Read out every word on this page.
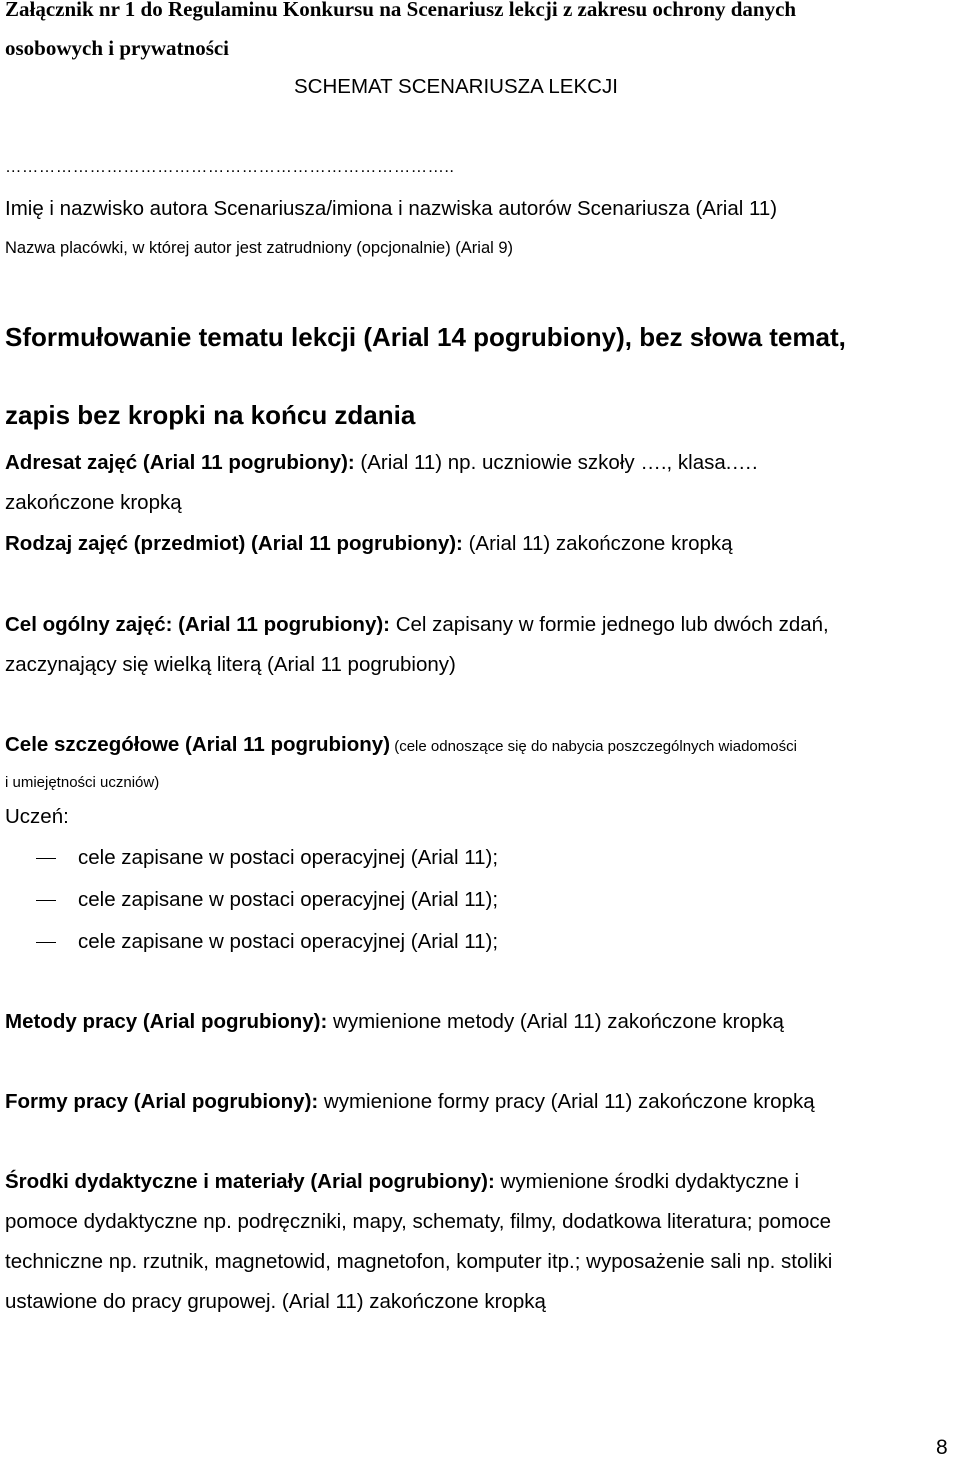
Załącznik nr 1 do Regulaminu Konkursu na Scenariusz lekcji z zakresu ochrony danych
osobowych i prywatności
SCHEMAT SCENARIUSZA LEKCJI
……………………………………………………………………..
Imię i nazwisko autora Scenariusza/imiona i nazwiska autorów Scenariusza (Arial 11)
Nazwa placówki, w której autor jest zatrudniony (opcjonalnie) (Arial 9)
Sformułowanie tematu lekcji (Arial 14 pogrubiony), bez słowa temat,
zapis bez kropki na końcu zdania
Adresat zajęć (Arial 11 pogrubiony): (Arial 11) np. uczniowie szkoły …., klasa.….
zakończone kropką
Rodzaj zajęć (przedmiot) (Arial 11 pogrubiony): (Arial 11) zakończone kropką
Cel ogólny zajęć: (Arial 11 pogrubiony): Cel zapisany w formie jednego lub dwóch zdań,
zaczynający się wielką literą (Arial 11 pogrubiony)
Cele szczegółowe (Arial 11 pogrubiony) (cele odnoszące się do nabycia poszczególnych wiadomości
i umiejętności uczniów)
Uczeń:
cele zapisane w postaci operacyjnej (Arial 11);
cele zapisane w postaci operacyjnej (Arial 11);
cele zapisane w postaci operacyjnej (Arial 11);
Metody pracy (Arial pogrubiony): wymienione metody (Arial 11) zakończone kropką
Formy pracy (Arial pogrubiony): wymienione formy pracy (Arial 11) zakończone kropką
Środki dydaktyczne i materiały (Arial pogrubiony): wymienione środki dydaktyczne i
pomoce dydaktyczne np. podręczniki, mapy, schematy, filmy, dodatkowa literatura; pomoce
techniczne np. rzutnik, magnetowid, magnetofon, komputer itp.; wyposażenie sali np. stoliki
ustawione do pracy grupowej. (Arial 11) zakończone kropką
8
